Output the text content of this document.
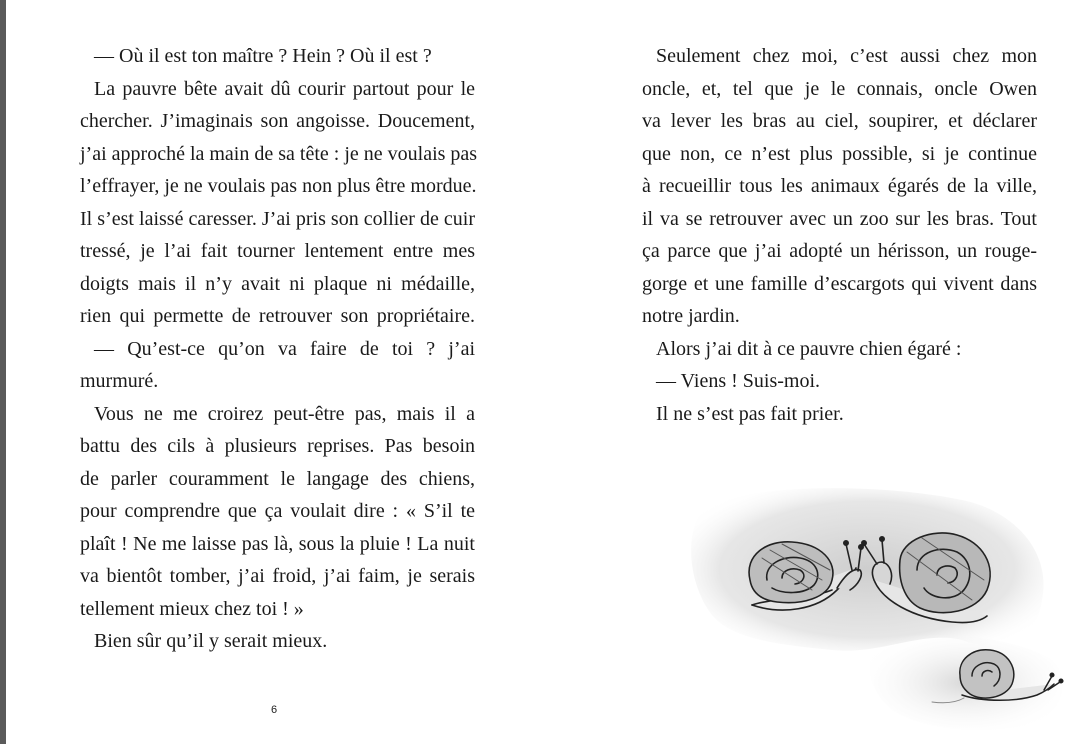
— Où il est ton maître ? Hein ? Où il est ?
La pauvre bête avait dû courir partout pour le
chercher. J’imaginais son angoisse. Doucement,
j’ai approché la main de sa tête : je ne voulais pas
l’effrayer, je ne voulais pas non plus être mordue.
Il s’est laissé caresser. J’ai pris son collier de cuir
tressé, je l’ai fait tourner lentement entre mes
doigts mais il n’y avait ni plaque ni médaille,
rien qui permette de retrouver son propriétaire.
— Qu’est-ce qu’on va faire de toi ? j’ai
murmuré.
Vous ne me croirez peut-être pas, mais il a
battu des cils à plusieurs reprises. Pas besoin
de parler couramment le langage des chiens,
pour comprendre que ça voulait dire : « S’il te
plaît ! Ne me laisse pas là, sous la pluie ! La nuit
va bientôt tomber, j’ai froid, j’ai faim, je serais
tellement mieux chez toi ! »
Bien sûr qu’il y serait mieux.
6
Seulement chez moi, c’est aussi chez mon
oncle, et, tel que je le connais, oncle Owen
va lever les bras au ciel, soupirer, et déclarer
que non, ce n’est plus possible, si je continue
à recueillir tous les animaux égarés de la ville,
il va se retrouver avec un zoo sur les bras. Tout
ça parce que j’ai adopté un hérisson, un rouge-
gorge et une famille d’escargots qui vivent dans
notre jardin.
Alors j’ai dit à ce pauvre chien égaré :
— Viens ! Suis-moi.
Il ne s’est pas fait prier.
